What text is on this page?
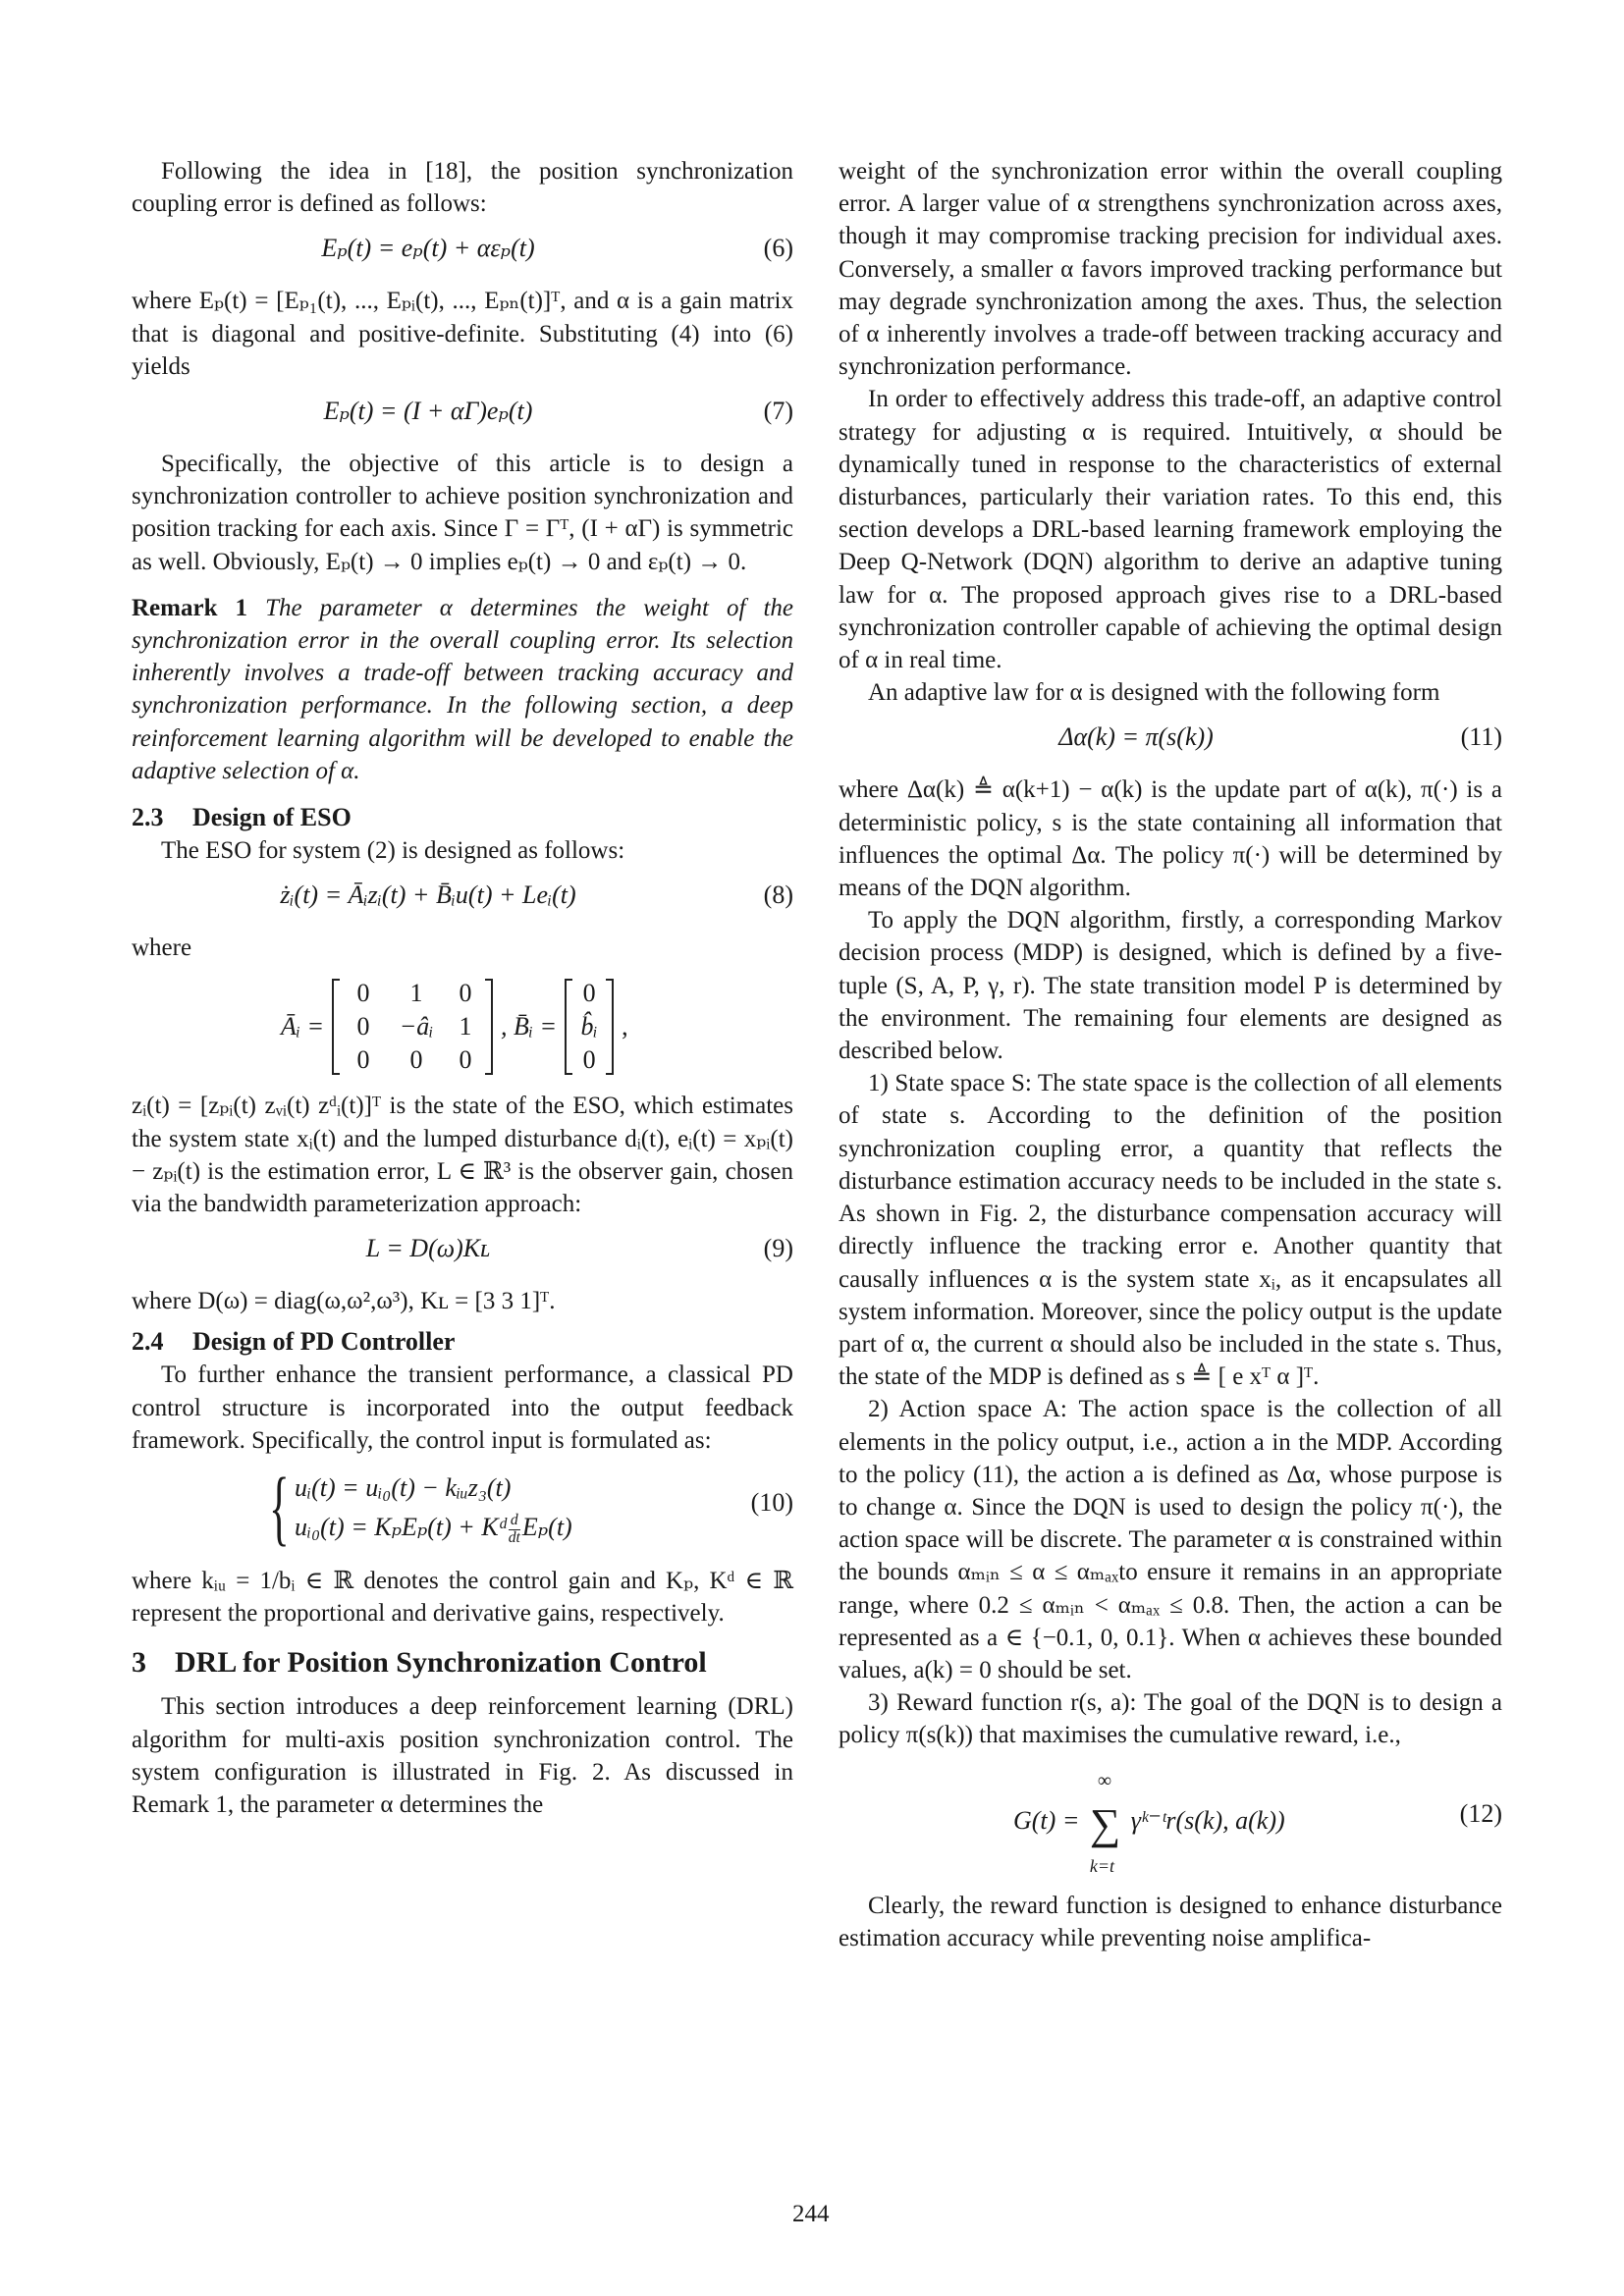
Following the idea in [18], the position synchronization coupling error is defined as follows:

Eₚ(t) = eₚ(t) + αεₚ(t)	(6)

where Eₚ(t) = [Eₚ₁(t), ..., Eₚᵢ(t), ..., Eₚₙ(t)]ᵀ, and α is a gain matrix that is diagonal and positive-definite. Substituting (4) into (6) yields

Eₚ(t) = (I + αΓ)eₚ(t)	(7)

Specifically, the objective of this article is to design a synchronization controller to achieve position synchronization and position tracking for each axis. Since Γ = Γᵀ, (I + αΓ) is symmetric as well. Obviously, Eₚ(t) → 0 implies eₚ(t) → 0 and εₚ(t) → 0.

Remark 1 The parameter α determines the weight of the synchronization error in the overall coupling error. Its selection inherently involves a trade-off between tracking accuracy and synchronization performance. In the following section, a deep reinforcement learning algorithm will be developed to enable the adaptive selection of α.

2.3 Design of ESO

The ESO for system (2) is designed as follows:

żᵢ(t) = Āᵢzᵢ(t) + B̄ᵢu(t) + Leᵢ(t)	(8)

where

Āᵢ =
0	1	0
0	−âᵢ	1
0	0	0
, B̄ᵢ =
0
b̂ᵢ
0
,

zᵢ(t) = [zₚᵢ(t) zᵥᵢ(t) zᵈᵢ(t)]ᵀ is the state of the ESO, which estimates the system state xᵢ(t) and the lumped disturbance dᵢ(t), eᵢ(t) = xₚᵢ(t) − zₚᵢ(t) is the estimation error, L ∈ ℝ³ is the observer gain, chosen via the bandwidth parameterization approach:

L = D(ω)Kʟ	(9)

where D(ω) = diag(ω,ω²,ω³), Kʟ = [3 3 1]ᵀ.

2.4 Design of PD Controller

To further enhance the transient performance, a classical PD control structure is incorporated into the output feedback framework. Specifically, the control input is formulated as:

{ uᵢ(t) = uᵢ₀(t) − kᵢᵤz₃(t)
uᵢ₀(t) = KₚEₚ(t) + Kᵈ $\frac{d}{dt} E_p(t)$
(10)

where kᵢᵤ = 1/bᵢ ∈ ℝ denotes the control gain and Kₚ, Kᵈ ∈ ℝ represent the proportional and derivative gains, respectively.

3 DRL for Position Synchronization Control

This section introduces a deep reinforcement learning (DRL) algorithm for multi-axis position synchronization control. The system configuration is illustrated in Fig. 2. As discussed in Remark 1, the parameter α determines the

weight of the synchronization error within the overall coupling error. A larger value of α strengthens synchronization across axes, though it may compromise tracking precision for individual axes. Conversely, a smaller α favors improved tracking performance but may degrade synchronization among the axes. Thus, the selection of α inherently involves a trade-off between tracking accuracy and synchronization performance.

In order to effectively address this trade-off, an adaptive control strategy for adjusting α is required. Intuitively, α should be dynamically tuned in response to the characteristics of external disturbances, particularly their variation rates. To this end, this section develops a DRL-based learning framework employing the Deep Q-Network (DQN) algorithm to derive an adaptive tuning law for α. The proposed approach gives rise to a DRL-based synchronization controller capable of achieving the optimal design of α in real time.

An adaptive law for α is designed with the following form

Δα(k) = π(s(k))	(11)

where Δα(k) ≜ α(k+1) − α(k) is the update part of α(k), π(·) is a deterministic policy, s is the state containing all information that influences the optimal Δα. The policy π(·) will be determined by means of the DQN algorithm.

To apply the DQN algorithm, firstly, a corresponding Markov decision process (MDP) is designed, which is defined by a five-tuple (S, A, P, γ, r). The state transition model P is determined by the environment. The remaining four elements are designed as described below.

1) State space S: The state space is the collection of all elements of state s. According to the definition of the position synchronization coupling error, a quantity that reflects the disturbance estimation accuracy needs to be included in the state s. As shown in Fig. 2, the disturbance compensation accuracy will directly influence the tracking error e. Another quantity that causally influences α is the system state xᵢ, as it encapsulates all system information. Moreover, since the policy output is the update part of α, the current α should also be included in the state s. Thus, the state of the MDP is defined as s ≜ [ e xᵀ α ]ᵀ.

2) Action space A: The action space is the collection of all elements in the policy output, i.e., action a in the MDP. According to the policy (11), the action a is defined as Δα, whose purpose is to change α. Since the DQN is used to design the policy π(·), the action space will be discrete. The parameter α is constrained within the bounds αₘᵢₙ ≤ α ≤ αₘₐₓto ensure it remains in an appropriate range, where 0.2 ≤ αₘᵢₙ < αₘₐₓ ≤ 0.8. Then, the action a can be represented as a ∈ {−0.1, 0, 0.1}. When α achieves these bounded values, a(k) = 0 should be set.

3) Reward function r(s, a): The goal of the DQN is to design a policy π(s(k)) that maximises the cumulative reward, i.e.,

G(t) =
∞
∑
k=t
γᵏ⁻ᵗr(s(k), a(k))	(12)

Clearly, the reward function is designed to enhance disturbance estimation accuracy while preventing noise amplifica-

244
